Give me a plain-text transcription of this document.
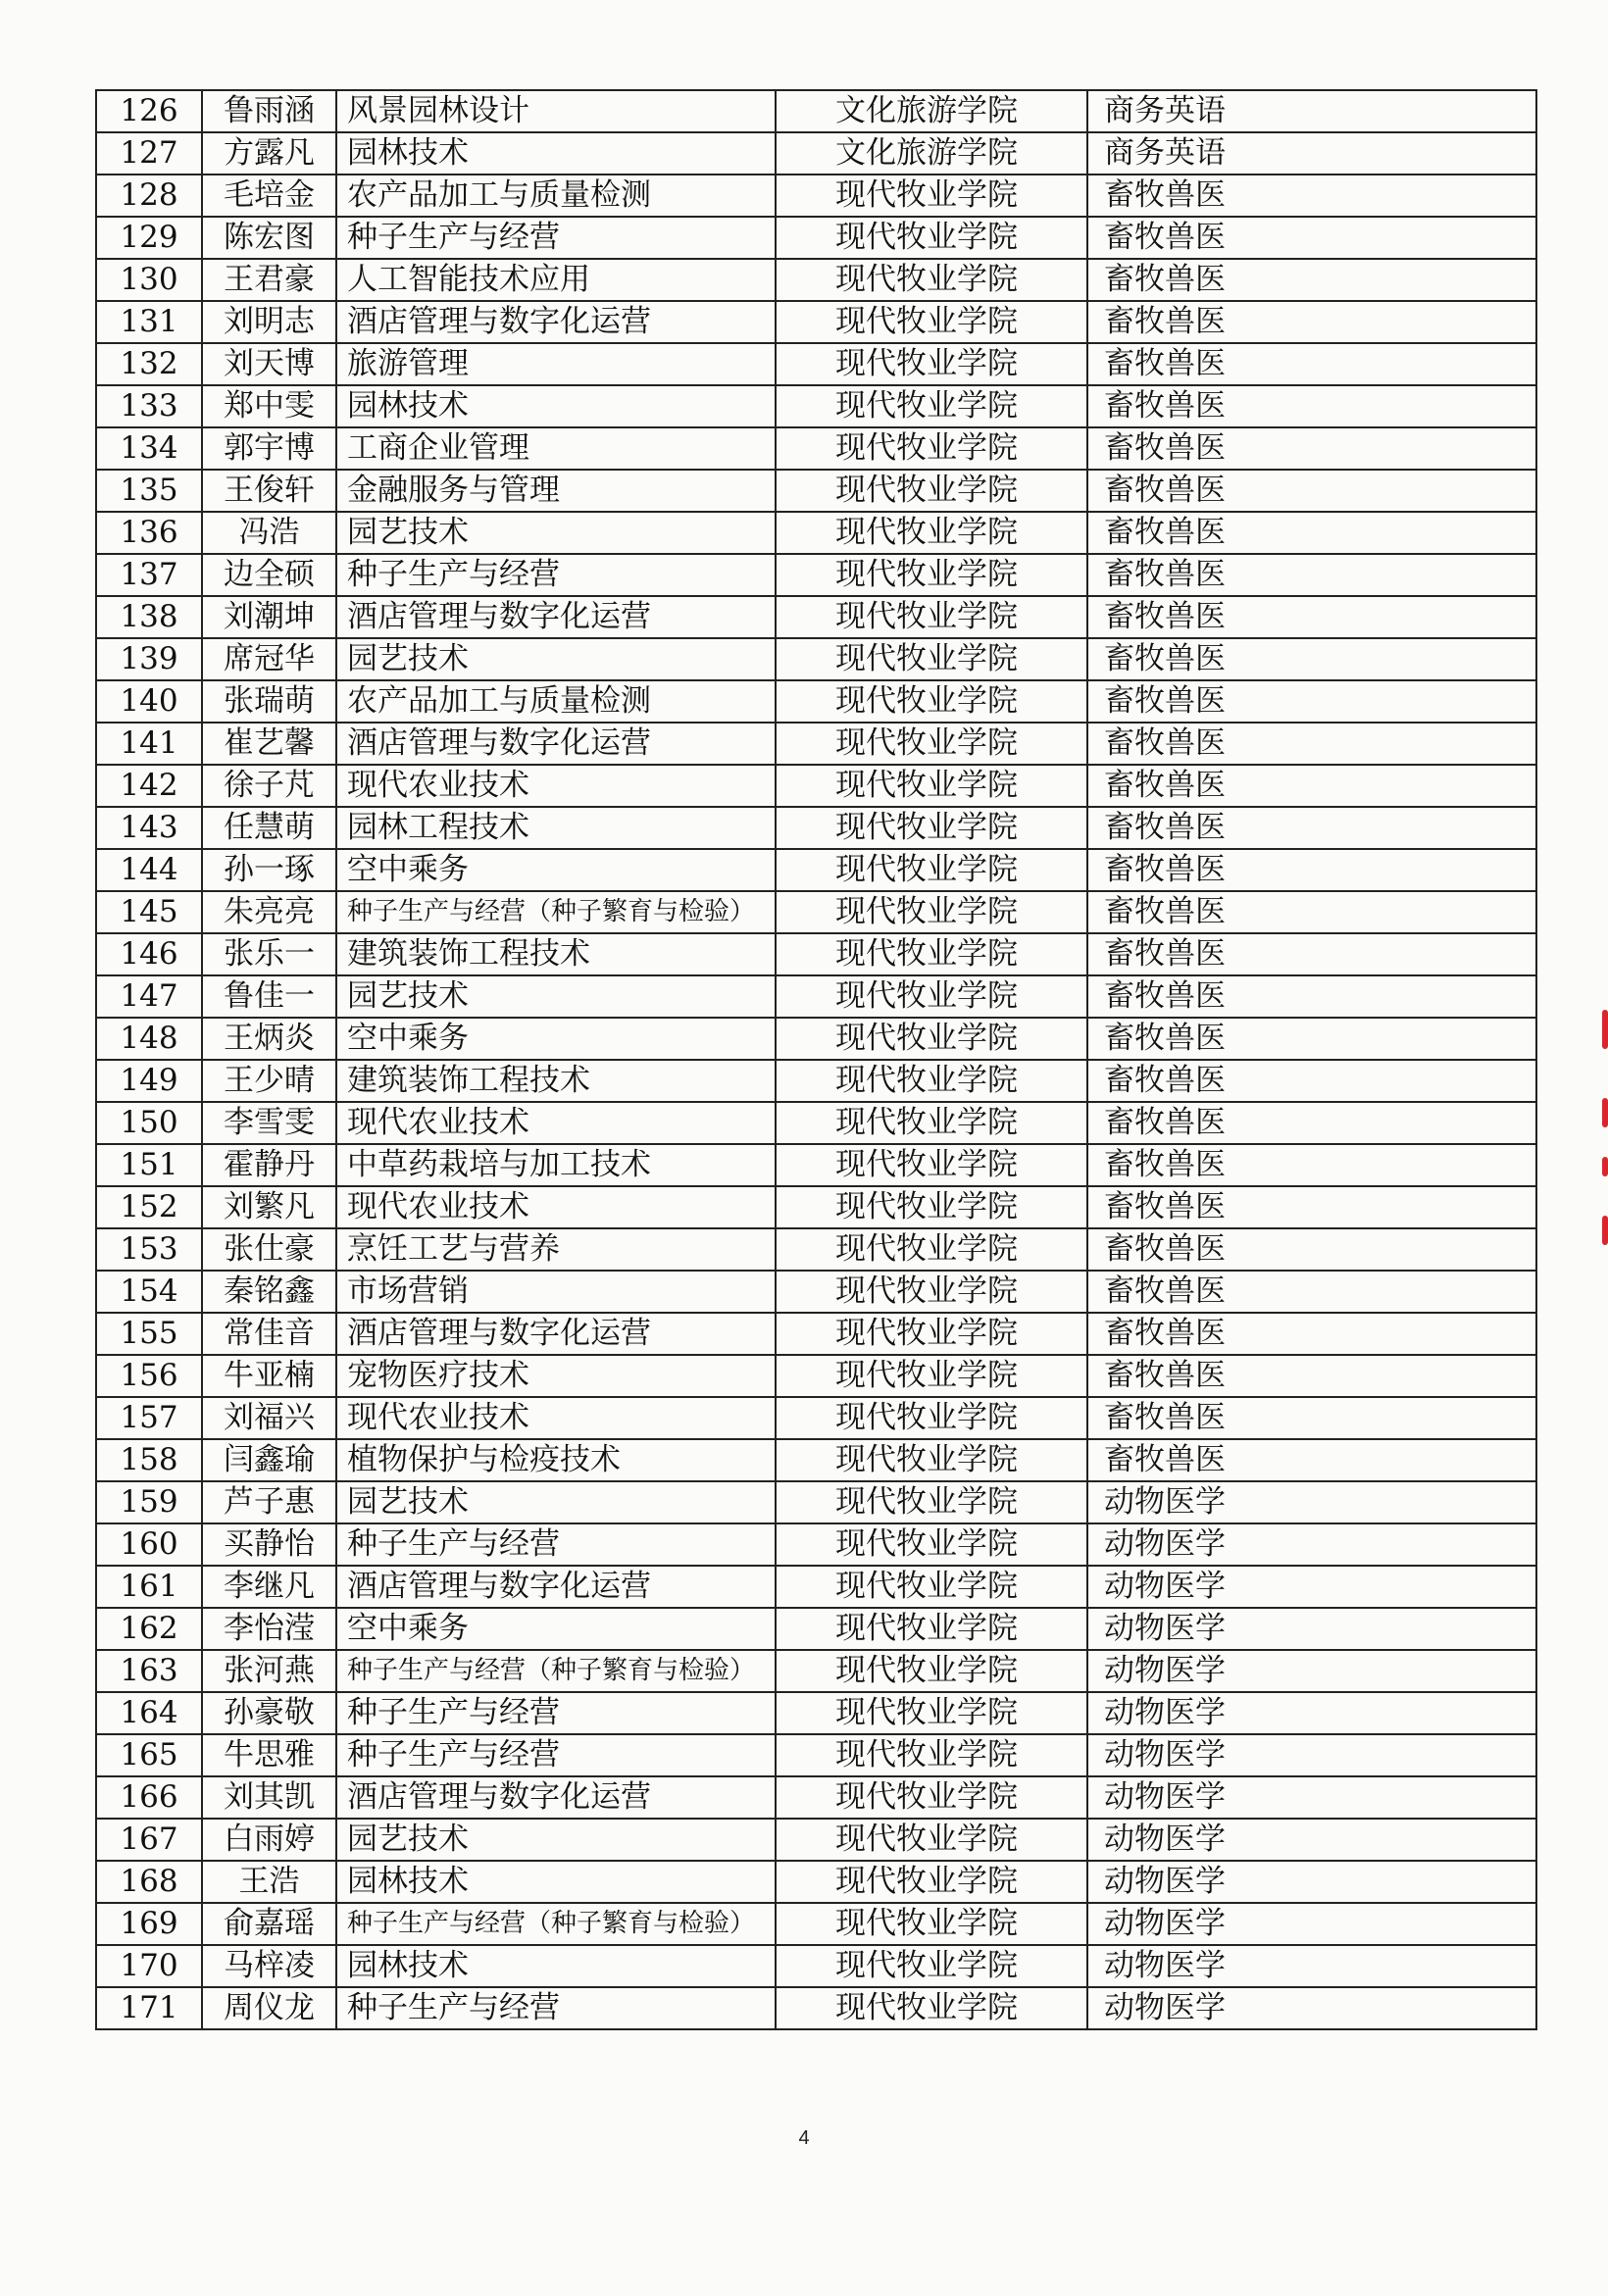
126	鲁雨涵	风景园林设计	文化旅游学院	商务英语
127	方露凡	园林技术	文化旅游学院	商务英语
128	毛培金	农产品加工与质量检测	现代牧业学院	畜牧兽医
129	陈宏图	种子生产与经营	现代牧业学院	畜牧兽医
130	王君豪	人工智能技术应用	现代牧业学院	畜牧兽医
131	刘明志	酒店管理与数字化运营	现代牧业学院	畜牧兽医
132	刘天博	旅游管理	现代牧业学院	畜牧兽医
133	郑中雯	园林技术	现代牧业学院	畜牧兽医
134	郭宇博	工商企业管理	现代牧业学院	畜牧兽医
135	王俊轩	金融服务与管理	现代牧业学院	畜牧兽医
136	冯浩	园艺技术	现代牧业学院	畜牧兽医
137	边全硕	种子生产与经营	现代牧业学院	畜牧兽医
138	刘潮坤	酒店管理与数字化运营	现代牧业学院	畜牧兽医
139	席冠华	园艺技术	现代牧业学院	畜牧兽医
140	张瑞萌	农产品加工与质量检测	现代牧业学院	畜牧兽医
141	崔艺馨	酒店管理与数字化运营	现代牧业学院	畜牧兽医
142	徐子芃	现代农业技术	现代牧业学院	畜牧兽医
143	任慧萌	园林工程技术	现代牧业学院	畜牧兽医
144	孙一琢	空中乘务	现代牧业学院	畜牧兽医
145	朱亮亮	种子生产与经营（种子繁育与检验）	现代牧业学院	畜牧兽医
146	张乐一	建筑装饰工程技术	现代牧业学院	畜牧兽医
147	鲁佳一	园艺技术	现代牧业学院	畜牧兽医
148	王炳炎	空中乘务	现代牧业学院	畜牧兽医
149	王少晴	建筑装饰工程技术	现代牧业学院	畜牧兽医
150	李雪雯	现代农业技术	现代牧业学院	畜牧兽医
151	霍静丹	中草药栽培与加工技术	现代牧业学院	畜牧兽医
152	刘繁凡	现代农业技术	现代牧业学院	畜牧兽医
153	张仕豪	烹饪工艺与营养	现代牧业学院	畜牧兽医
154	秦铭鑫	市场营销	现代牧业学院	畜牧兽医
155	常佳音	酒店管理与数字化运营	现代牧业学院	畜牧兽医
156	牛亚楠	宠物医疗技术	现代牧业学院	畜牧兽医
157	刘福兴	现代农业技术	现代牧业学院	畜牧兽医
158	闫鑫瑜	植物保护与检疫技术	现代牧业学院	畜牧兽医
159	芦子惠	园艺技术	现代牧业学院	动物医学
160	买静怡	种子生产与经营	现代牧业学院	动物医学
161	李继凡	酒店管理与数字化运营	现代牧业学院	动物医学
162	李怡滢	空中乘务	现代牧业学院	动物医学
163	张河燕	种子生产与经营（种子繁育与检验）	现代牧业学院	动物医学
164	孙豪敬	种子生产与经营	现代牧业学院	动物医学
165	牛思雅	种子生产与经营	现代牧业学院	动物医学
166	刘其凯	酒店管理与数字化运营	现代牧业学院	动物医学
167	白雨婷	园艺技术	现代牧业学院	动物医学
168	王浩	园林技术	现代牧业学院	动物医学
169	俞嘉瑶	种子生产与经营（种子繁育与检验）	现代牧业学院	动物医学
170	马梓凌	园林技术	现代牧业学院	动物医学
171	周仪龙	种子生产与经营	现代牧业学院	动物医学
4
